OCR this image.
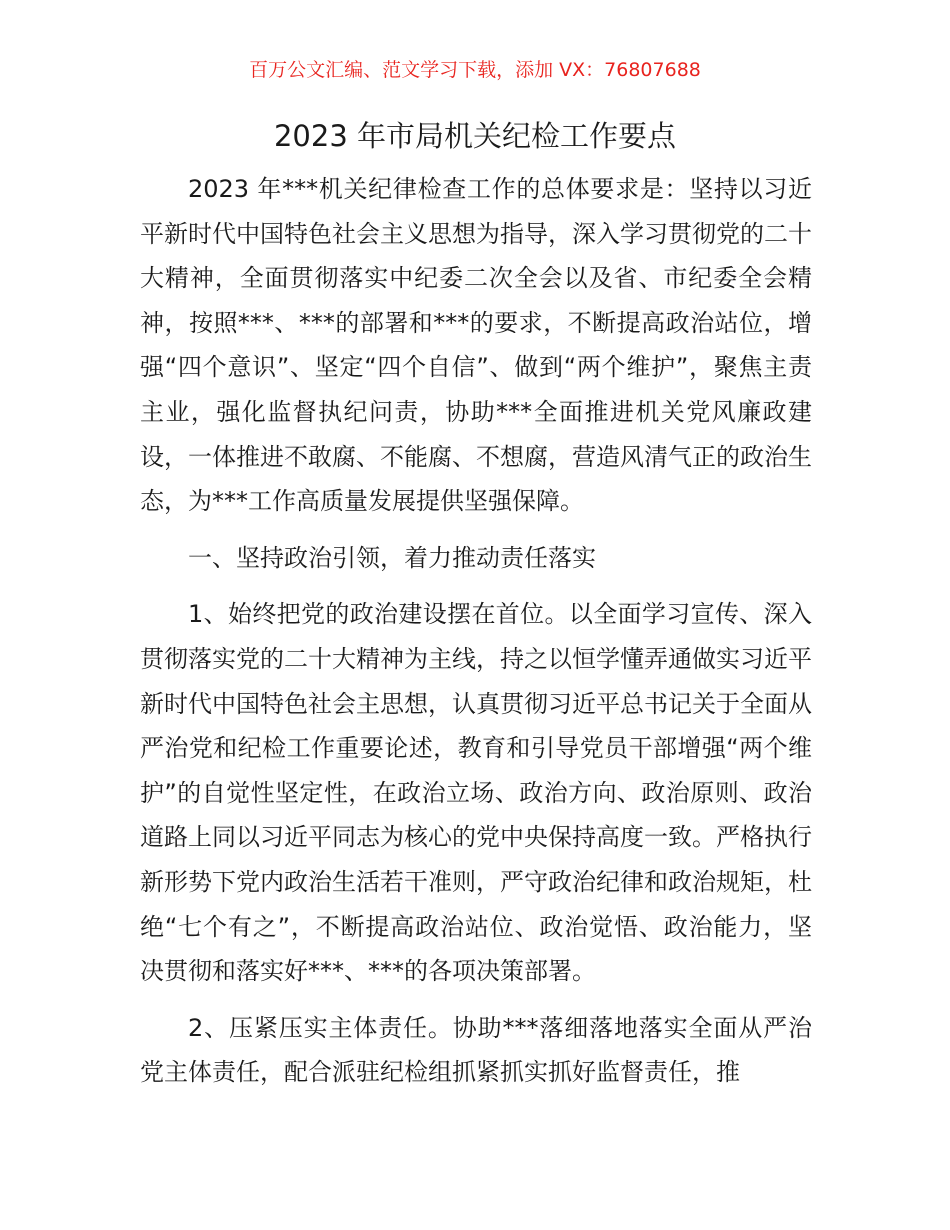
百万公文汇编、范文学习下载，添加 VX：76807688
2023 年市局机关纪检工作要点

2023 年***机关纪律检查工作的总体要求是：坚持以习近平新时代中国特色社会主义思想为指导，深入学习贯彻党的二十大精神，全面贯彻落实中纪委二次全会以及省、市纪委全会精神，按照***、***的部署和***的要求，不断提高政治站位，增强“四个意识”、坚定“四个自信”、做到“两个维护”，聚焦主责主业，强化监督执纪问责，协助***全面推进机关党风廉政建设，一体推进不敢腐、不能腐、不想腐，营造风清气正的政治生态，为***工作高质量发展提供坚强保障。

一、坚持政治引领，着力推动责任落实

1、始终把党的政治建设摆在首位。以全面学习宣传、深入贯彻落实党的二十大精神为主线，持之以恒学懂弄通做实习近平新时代中国特色社会主思想，认真贯彻习近平总书记关于全面从严治党和纪检工作重要论述，教育和引导党员干部增强“两个维护”的自觉性坚定性，在政治立场、政治方向、政治原则、政治道路上同以习近平同志为核心的党中央保持高度一致。严格执行新形势下党内政治生活若干准则，严守政治纪律和政治规矩，杜绝“七个有之”，不断提高政治站位、政治觉悟、政治能力，坚决贯彻和落实好***、***的各项决策部署。

2、压紧压实主体责任。协助***落细落地落实全面从严治党主体责任，配合派驻纪检组抓紧抓实抓好监督责任，推
